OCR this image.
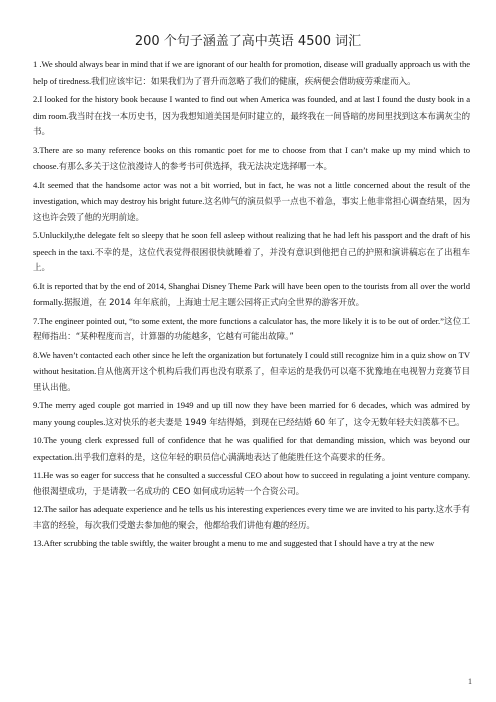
200 个句子涵盖了高中英语 4500 词汇

1 .We should always bear in mind that if we are ignorant of our health for promotion, disease will gradually approach us with the help of tiredness.我们应该牢记：如果我们为了晋升而忽略了我们的健康，疾病便会借助疲劳乘虚而入。

2.I looked for the history book because I wanted to find out when America was founded, and at last I found the dusty book in a dim room.我当时在找一本历史书，因为我想知道美国是何时建立的，最终我在一间昏暗的房间里找到这本布满灰尘的书。

3.There are so many reference books on this romantic poet for me to choose from that I can’t make up my mind which to choose.有那么多关于这位浪漫诗人的参考书可供选择，我无法决定选择哪一本。

4.It seemed that the handsome actor was not a bit worried, but in fact, he was not a little concerned about the result of the investigation, which may destroy his bright future.这名帅气的演员似乎一点也不着急，事实上他非常担心调查结果，因为这也许会毁了他的光明前途。

5.Unluckily,the delegate felt so sleepy that he soon fell asleep without realizing that he had left his passport and the draft of his speech in the taxi.不幸的是，这位代表觉得很困很快就睡着了，并没有意识到他把自己的护照和演讲稿忘在了出租车上。

6.It is reported that by the end of 2014, Shanghai Disney Theme Park will have been open to the tourists from all over the world formally.据报道，在 2014 年年底前，上海迪士尼主题公园将正式向全世界的游客开放。

7.The engineer pointed out, “to some extent, the more functions a calculator has, the more likely it is to be out of order.”这位工程师指出：“某种程度而言，计算器的功能越多，它越有可能出故障。”

8.We haven’t contacted each other since he left the organization but fortunately I could still recognize him in a quiz show on TV without hesitation.自从他离开这个机构后我们再也没有联系了，但幸运的是我仍可以毫不犹豫地在电视智力竞赛节目里认出他。

9.The merry aged couple got married in 1949 and up till now they have been married for 6 decades, which was admired by many young couples.这对快乐的老夫妻是 1949 年结得婚，到现在已经结婚 60 年了，这令无数年轻夫妇羡慕不已。

10.The young clerk expressed full of confidence that he was qualified for that demanding mission, which was beyond our expectation.出乎我们意料的是，这位年轻的职员信心满满地表达了他能胜任这个高要求的任务。

11.He was so eager for success that he consulted a successful CEO about how to succeed in regulating a joint venture company.他很渴望成功，于是请教一名成功的 CEO 如何成功运转一个合资公司。

12.The sailor has adequate experience and he tells us his interesting experiences every time we are invited to his party.这水手有丰富的经验，每次我们受邀去参加他的聚会，他都给我们讲他有趣的经历。

13.After scrubbing the table swiftly, the waiter brought a menu to me and suggested that I should have a try at the new

1
